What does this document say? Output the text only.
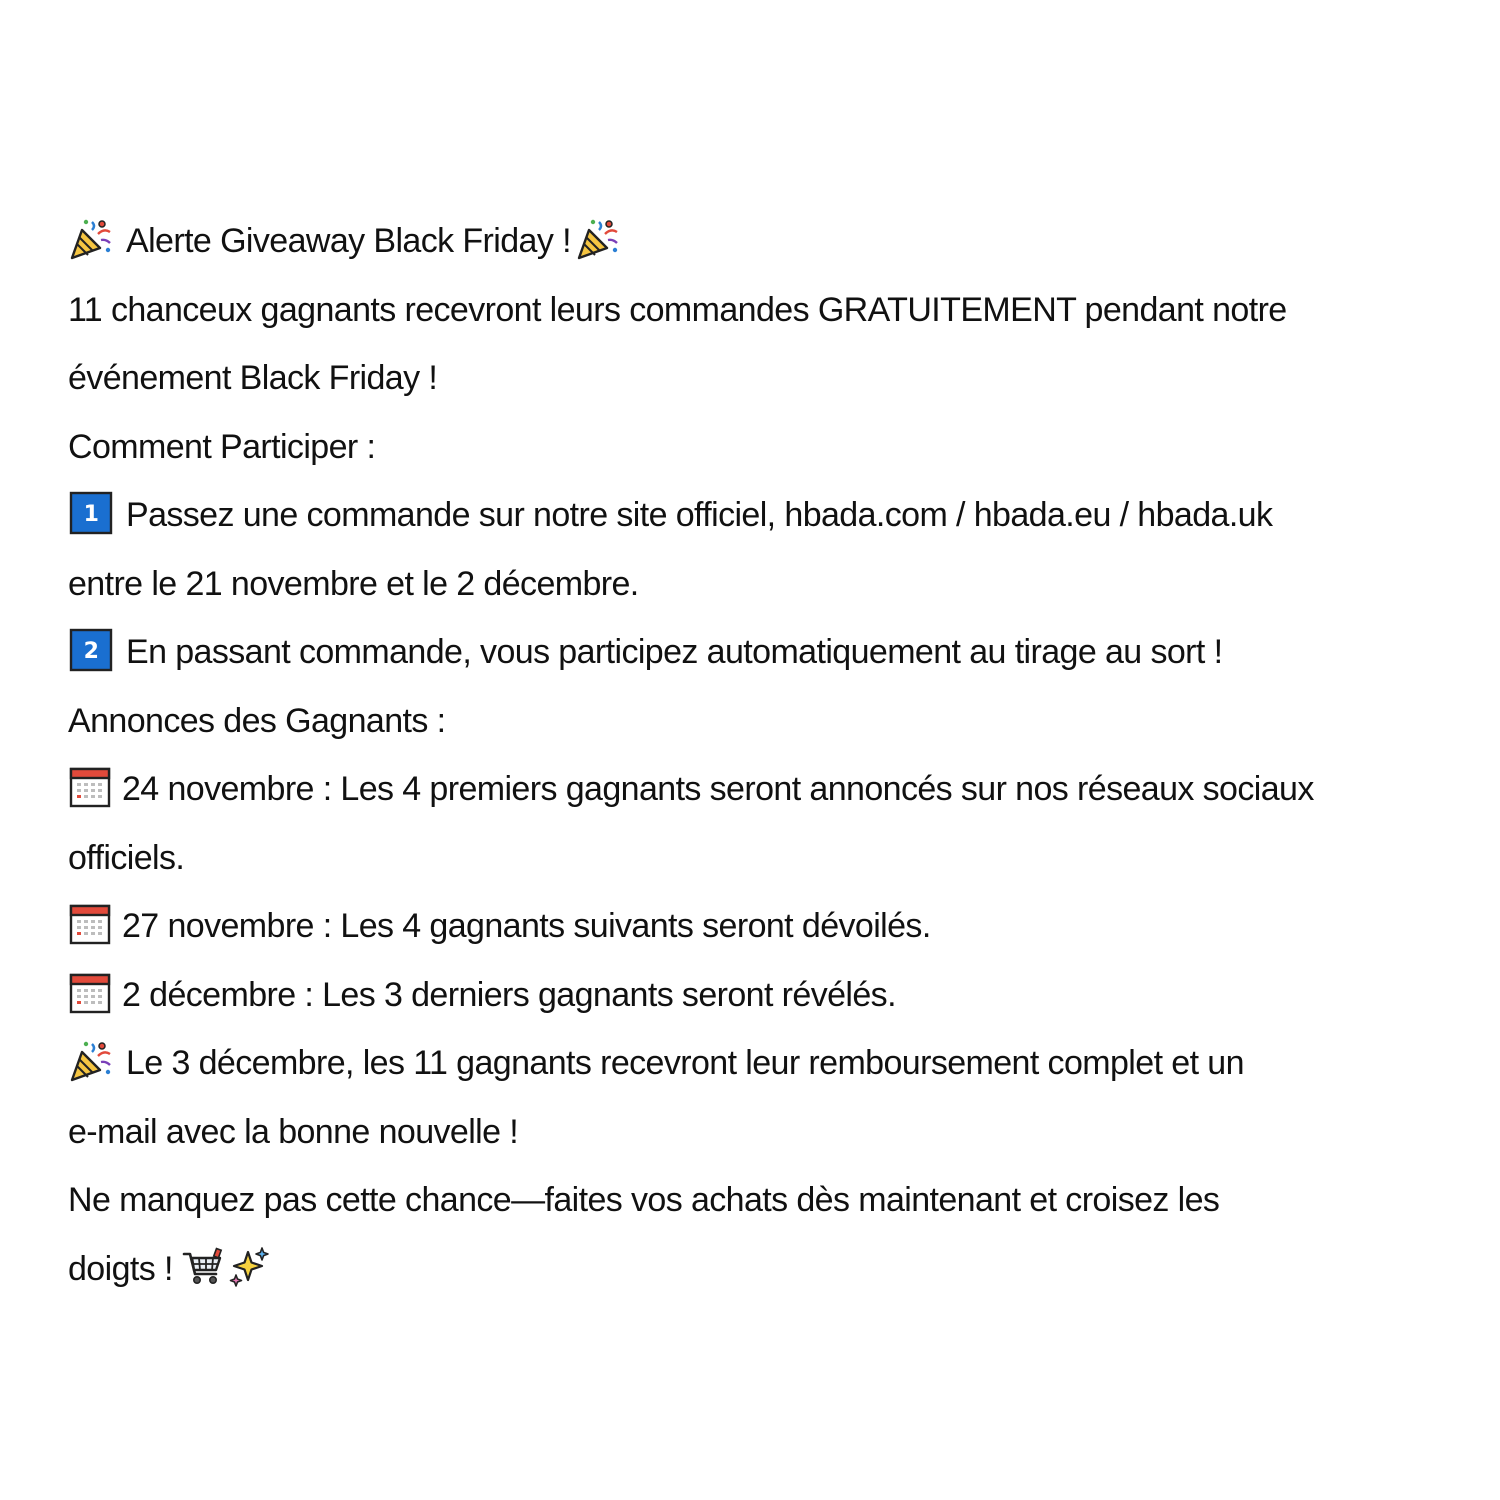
Alerte Giveaway Black Friday !
11 chanceux gagnants recevront leurs commandes GRATUITEMENT pendant notre
événement Black Friday !
Comment Participer :
1 Passez une commande sur notre site officiel, hbada.com / hbada.eu / hbada.uk
entre le 21 novembre et le 2 décembre.
2 En passant commande, vous participez automatiquement au tirage au sort !
Annonces des Gagnants :
24 novembre : Les 4 premiers gagnants seront annoncés sur nos réseaux sociaux
officiels.
27 novembre : Les 4 gagnants suivants seront dévoilés.
2 décembre : Les 3 derniers gagnants seront révélés.
Le 3 décembre, les 11 gagnants recevront leur remboursement complet et un
e-mail avec la bonne nouvelle !
Ne manquez pas cette chance—faites vos achats dès maintenant et croisez les
doigts !
